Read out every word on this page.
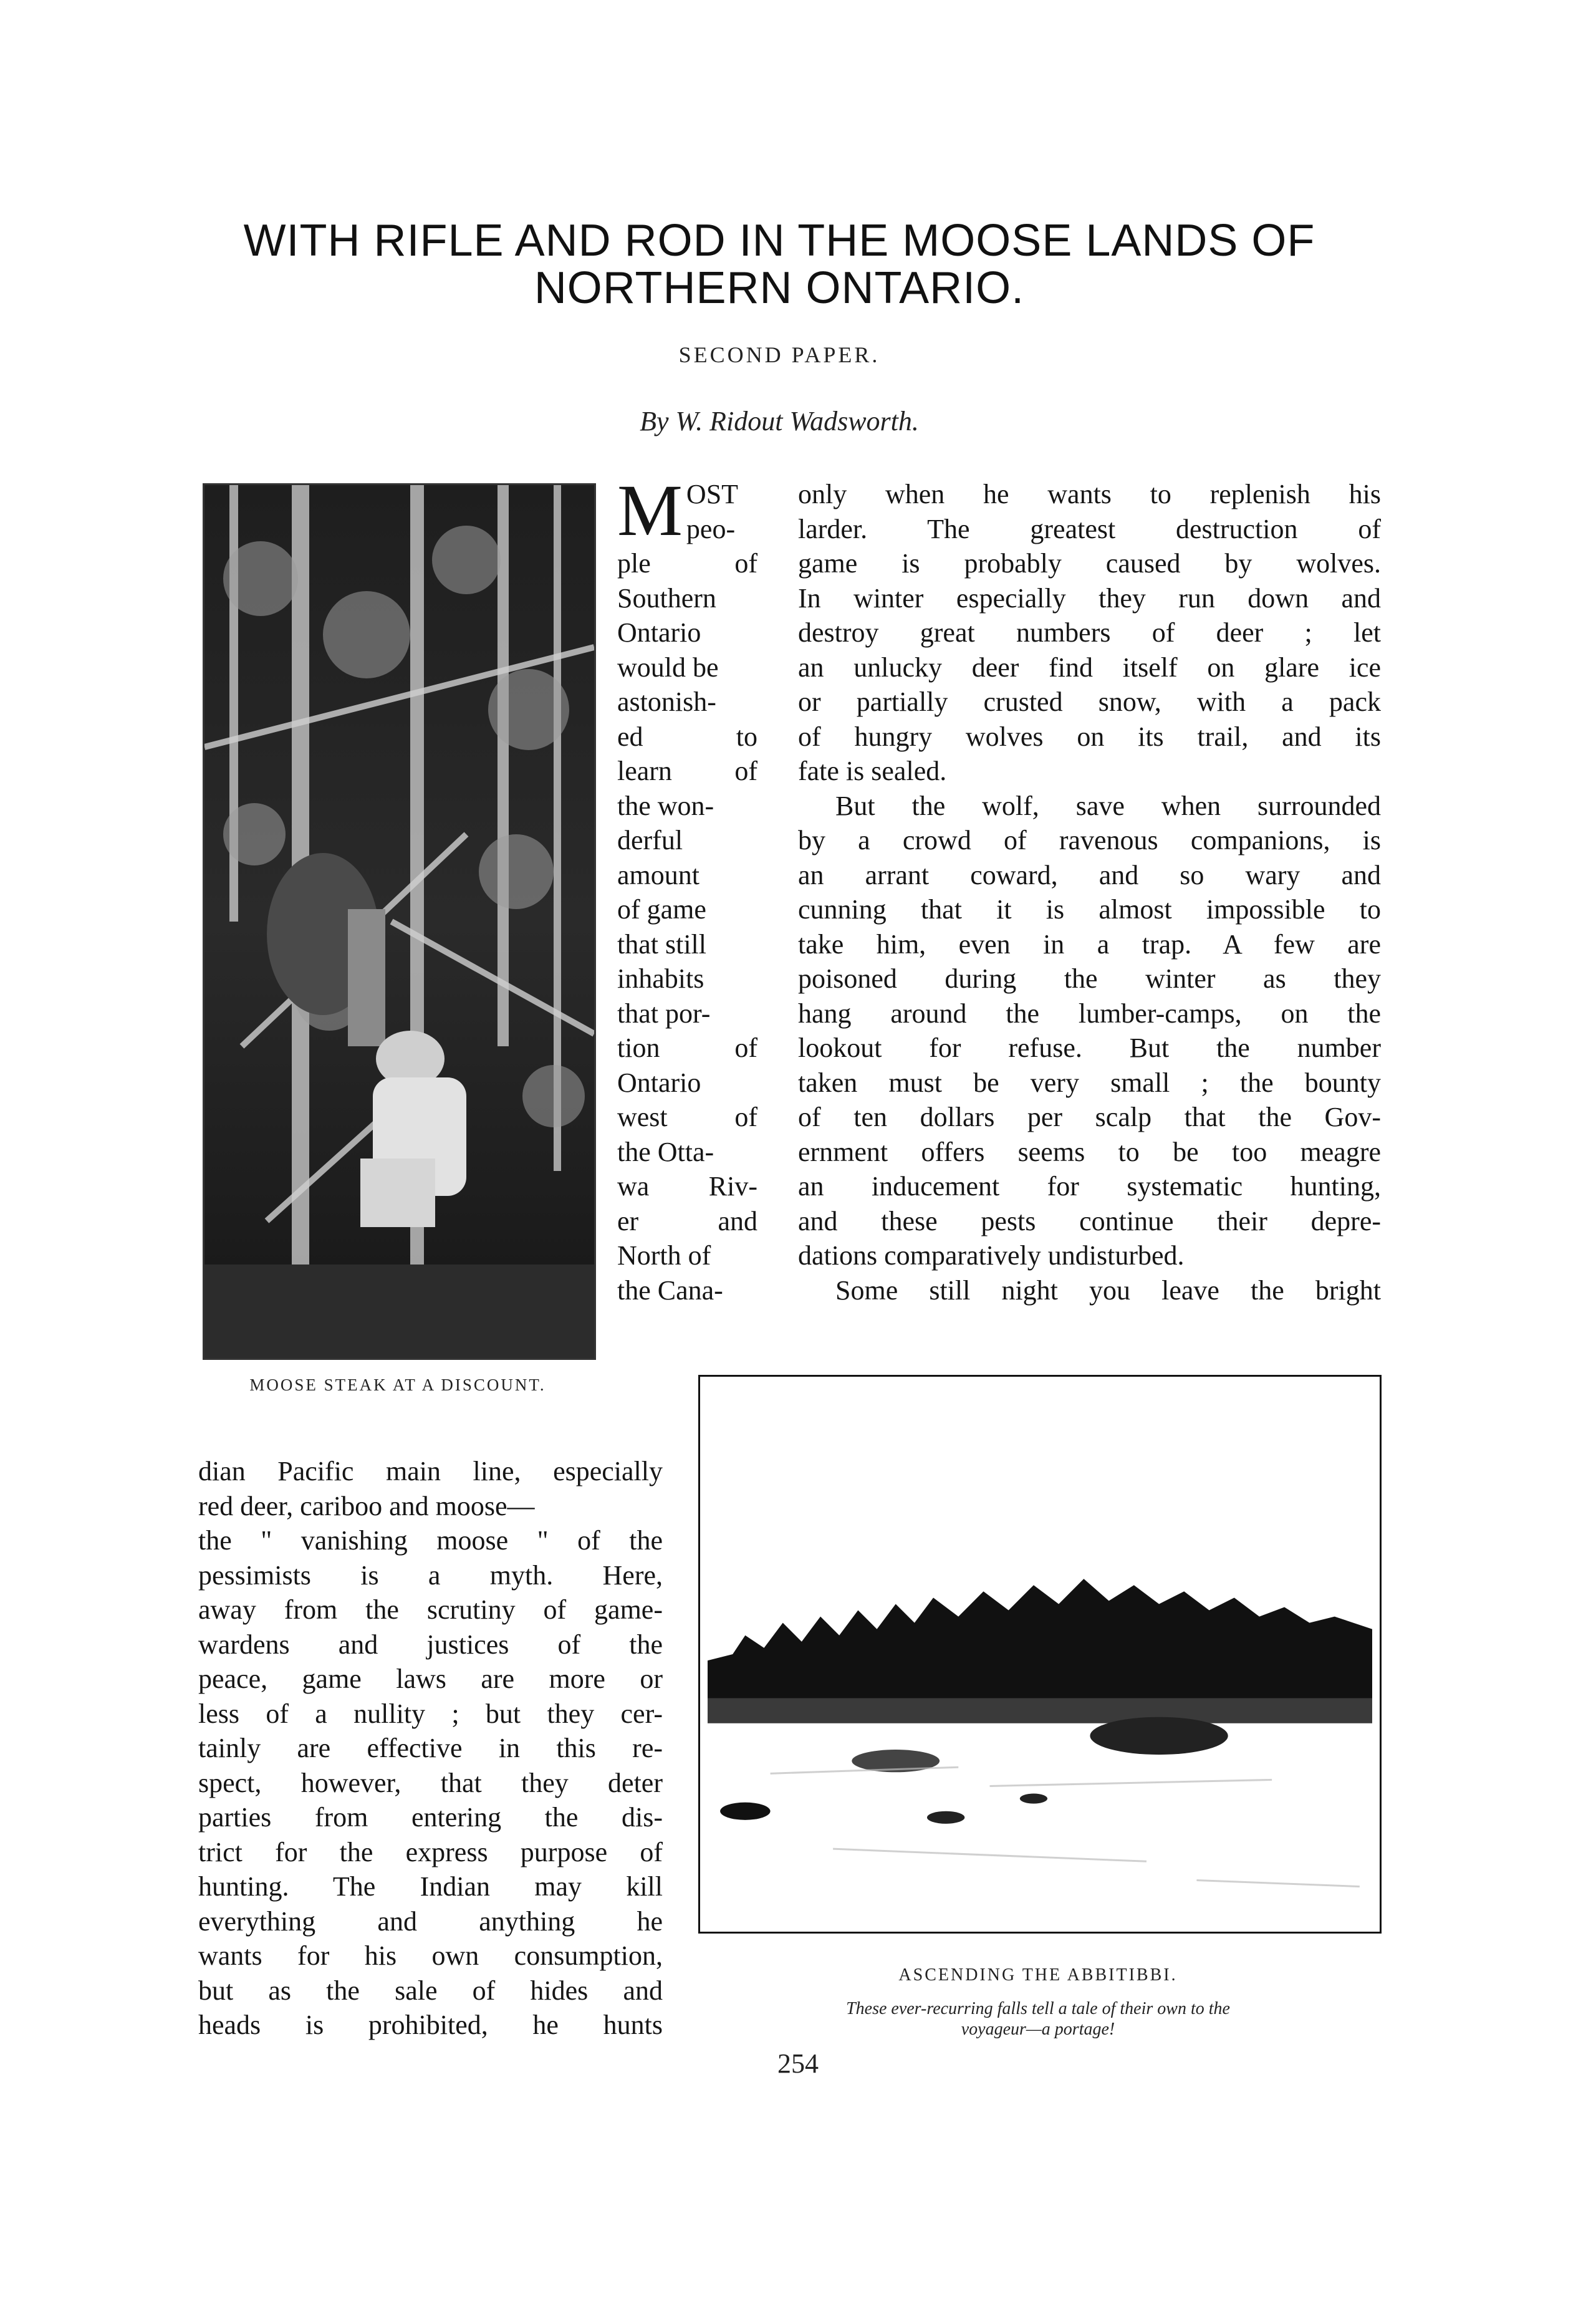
WITH RIFLE AND ROD IN THE MOOSE LANDS OF
NORTHERN ONTARIO.
SECOND PAPER.
By W. Ridout Wadsworth.
MOOSE STEAK AT A DISCOUNT.
ASCENDING THE ABBITIBBI.
These ever-recurring falls tell a tale of their own to the
voyageur—a portage!
M OST
peo-
ple of
Southern
Ontario
would be
astonish-
ed to
learn of
the won-
derful
amount
of game
that still
inhabits
that por-
tion of
Ontario
west of
the Otta-
wa Riv-
er and
North of
the Cana-
only when he wants to replenish his
larder. The greatest destruction of
game is probably caused by wolves.
In winter especially they run down and
destroy great numbers of deer ; let
an unlucky deer find itself on glare ice
or partially crusted snow, with a pack
of hungry wolves on its trail, and its
fate is sealed.
But the wolf, save when surrounded
by a crowd of ravenous companions, is
an arrant coward, and so wary and
cunning that it is almost impossible to
take him, even in a trap. A few are
poisoned during the winter as they
hang around the lumber-camps, on the
lookout for refuse. But the number
taken must be very small ; the bounty
of ten dollars per scalp that the Gov-
ernment offers seems to be too meagre
an inducement for systematic hunting,
and these pests continue their depre-
dations comparatively undisturbed.
Some still night you leave the bright
dian Pacific main line, especially
red deer, cariboo and moose—
the " vanishing moose " of the
pessimists is a myth. Here,
away from the scrutiny of game-
wardens and justices of the
peace, game laws are more or
less of a nullity ; but they cer-
tainly are effective in this re-
spect, however, that they deter
parties from entering the dis-
trict for the express purpose of
hunting. The Indian may kill
everything and anything he
wants for his own consumption,
but as the sale of hides and
heads is prohibited, he hunts
254
